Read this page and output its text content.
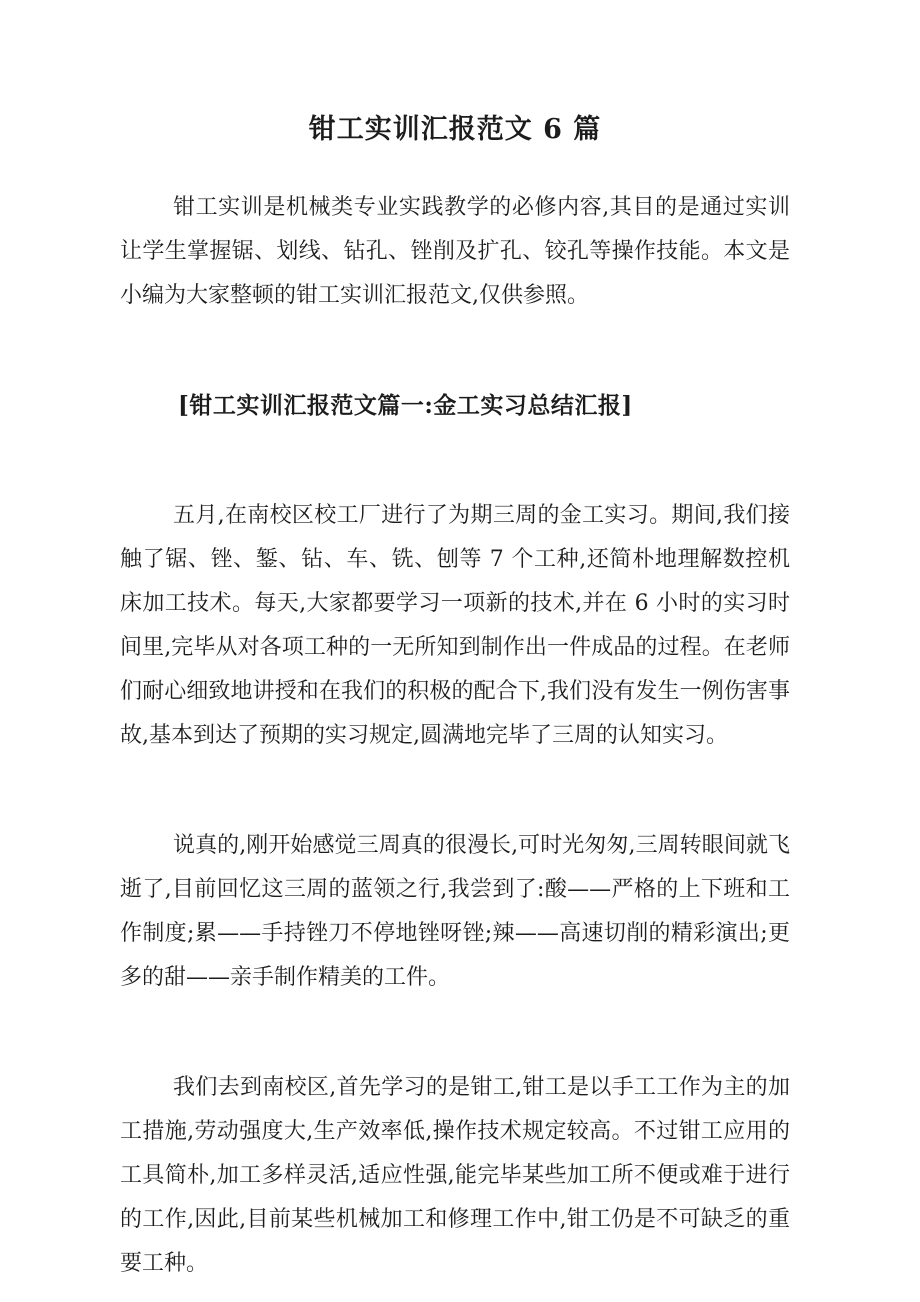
钳工实训汇报范文 6 篇

钳工实训是机械类专业实践教学的必修内容,其目的是通过实训让学生掌握锯、划线、钻孔、锉削及扩孔、铰孔等操作技能。本文是小编为大家整顿的钳工实训汇报范文,仅供参照。

[钳工实训汇报范文篇一:金工实习总结汇报]

五月,在南校区校工厂进行了为期三周的金工实习。期间,我们接触了锯、锉、錾、钻、车、铣、刨等 7 个工种,还简朴地理解数控机床加工技术。每天,大家都要学习一项新的技术,并在 6 小时的实习时间里,完毕从对各项工种的一无所知到制作出一件成品的过程。在老师们耐心细致地讲授和在我们的积极的配合下,我们没有发生一例伤害事故,基本到达了预期的实习规定,圆满地完毕了三周的认知实习。

说真的,刚开始感觉三周真的很漫长,可时光匆匆,三周转眼间就飞逝了,目前回忆这三周的蓝领之行,我尝到了:酸——严格的上下班和工作制度;累——手持锉刀不停地锉呀锉;辣——高速切削的精彩演出;更多的甜——亲手制作精美的工件。

我们去到南校区,首先学习的是钳工,钳工是以手工工作为主的加工措施,劳动强度大,生产效率低,操作技术规定较高。不过钳工应用的工具简朴,加工多样灵活,适应性强,能完毕某些加工所不便或难于进行的工作,因此,目前某些机械加工和修理工作中,钳工仍是不可缺乏的重要工种。
